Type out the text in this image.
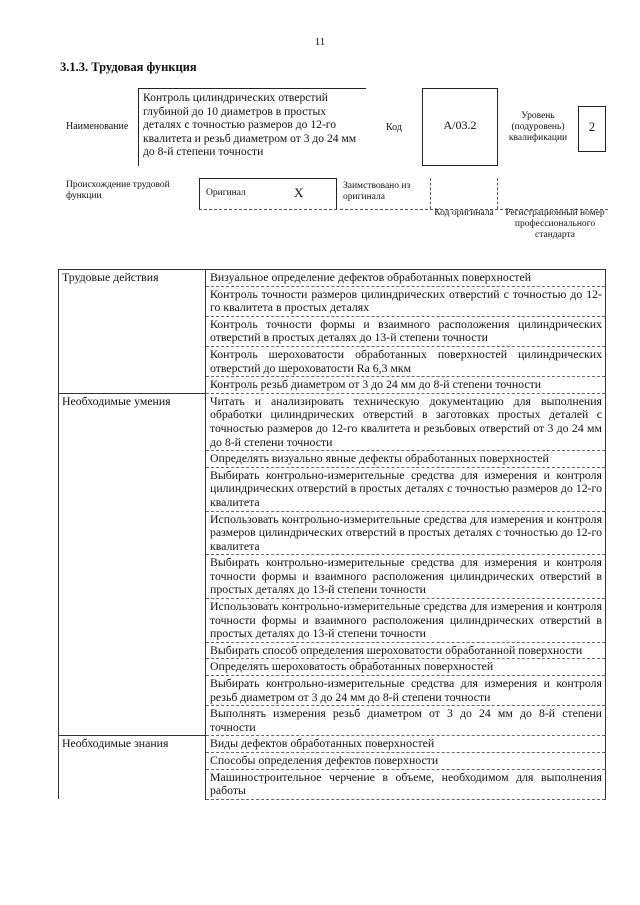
11
3.1.3. Трудовая функция
Наименование
Контроль цилиндрических отверстий глубиной до 10 диаметров в простых деталях с точностью размеров до 12-го квалитета и резьб диаметром от 3 до 24 мм до 8-й степени точности
Код	А/03.2
Уровень (подуровень) квалификации
2
Происхождение трудовой функции	Оригинал	X	Заимствовано из оригинала
Код оригинала	Регистрационный номер профессионального стандарта
Трудовые действия	Визуальное определение дефектов обработанных поверхностей
	Контроль точности размеров цилиндрических отверстий с точностью до 12-го квалитета в простых деталях
	Контроль точности формы и взаимного расположения цилиндрических отверстий в простых деталях до 13-й степени точности
	Контроль шероховатости обработанных поверхностей цилиндрических отверстий до шероховатости Ra 6,3 мкм
	Контроль резьб диаметром от 3 до 24 мм до 8-й степени точности
Необходимые умения	Читать и анализировать техническую документацию для выполнения обработки цилиндрических отверстий в заготовках простых деталей с точностью размеров до 12-го квалитета и резьбовых отверстий от 3 до 24 мм до 8-й степени точности
	Определять визуально явные дефекты обработанных поверхностей
	Выбирать контрольно-измерительные средства для измерения и контроля цилиндрических отверстий в простых деталях с точностью размеров до 12-го квалитета
	Использовать контрольно-измерительные средства для измерения и контроля размеров цилиндрических отверстий в простых деталях с точностью до 12-го квалитета
	Выбирать контрольно-измерительные средства для измерения и контроля точности формы и взаимного расположения цилиндрических отверстий в простых деталях до 13-й степени точности
	Использовать контрольно-измерительные средства для измерения и контроля точности формы и взаимного расположения цилиндрических отверстий в простых деталях до 13-й степени точности
	Выбирать способ определения шероховатости обработанной поверхности
	Определять шероховатость обработанных поверхностей
	Выбирать контрольно-измерительные средства для измерения и контроля резьб диаметром от 3 до 24 мм до 8-й степени точности
	Выполнять измерения резьб диаметром от 3 до 24 мм до 8-й степени точности
Необходимые знания	Виды дефектов обработанных поверхностей
	Способы определения дефектов поверхности
	Машиностроительное черчение в объеме, необходимом для выполнения работы
